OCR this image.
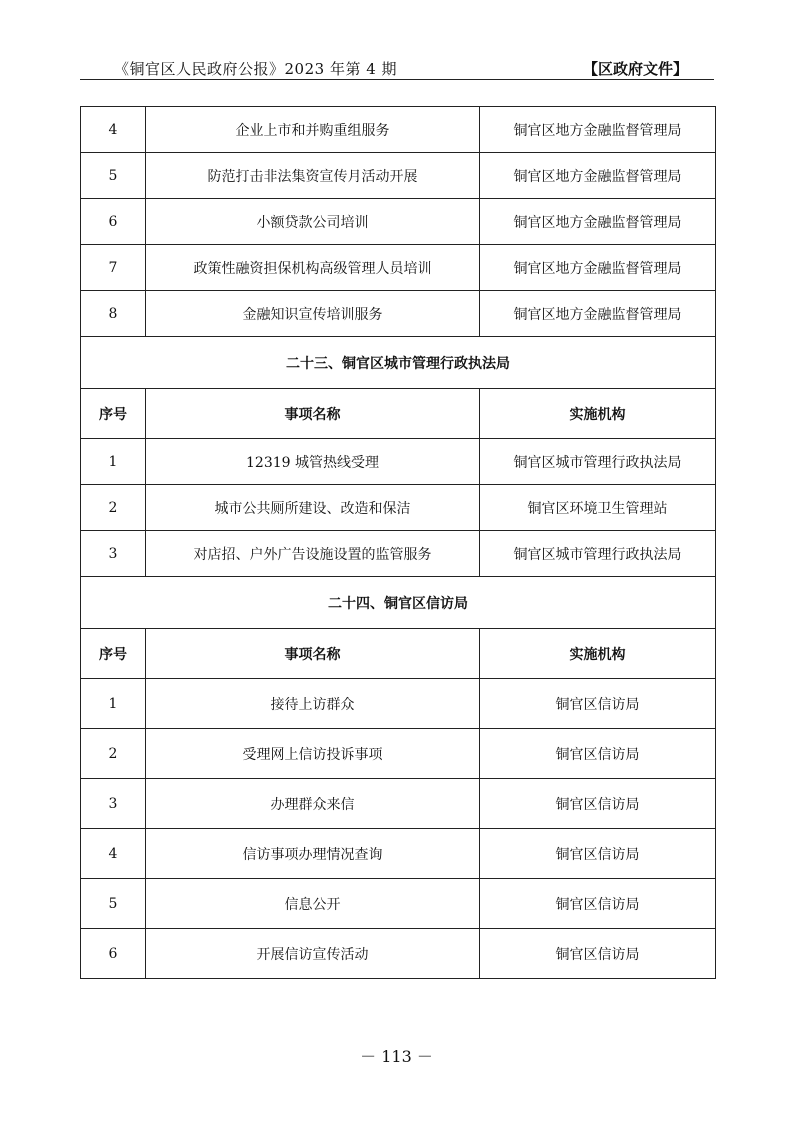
《铜官区人民政府公报》2023 年第 4 期	【区政府文件】
4	企业上市和并购重组服务	铜官区地方金融监督管理局
5	防范打击非法集资宣传月活动开展	铜官区地方金融监督管理局
6	小额贷款公司培训	铜官区地方金融监督管理局
7	政策性融资担保机构高级管理人员培训	铜官区地方金融监督管理局
8	金融知识宣传培训服务	铜官区地方金融监督管理局
二十三、铜官区城市管理行政执法局		
序号	事项名称	实施机构
1	12319 城管热线受理	铜官区城市管理行政执法局
2	城市公共厕所建设、改造和保洁	铜官区环境卫生管理站
3	对店招、户外广告设施设置的监管服务	铜官区城市管理行政执法局
二十四、铜官区信访局		
序号	事项名称	实施机构
1	接待上访群众	铜官区信访局
2	受理网上信访投诉事项	铜官区信访局
3	办理群众来信	铜官区信访局
4	信访事项办理情况查询	铜官区信访局
5	信息公开	铜官区信访局
6	开展信访宣传活动	铜官区信访局
－ 113 －
